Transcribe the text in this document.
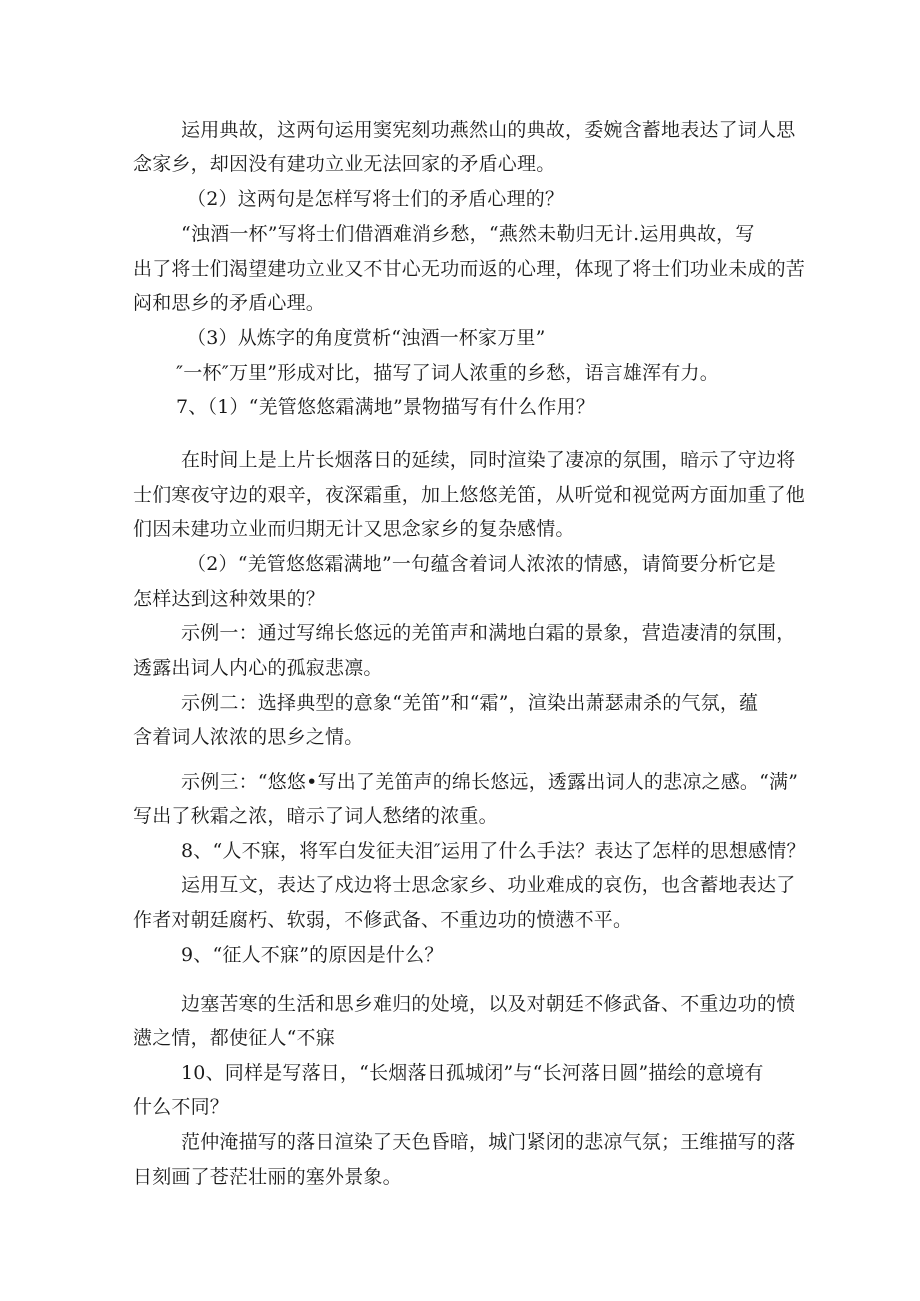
运用典故，这两句运用窦宪刻功燕然山的典故，委婉含蓄地表达了词人思
念家乡，却因没有建功立业无法回家的矛盾心理。
（2）这两句是怎样写将士们的矛盾心理的？
“浊酒一杯”写将士们借酒难消乡愁，“燕然未勒归无计.运用典故，写
出了将士们渴望建功立业又不甘心无功而返的心理，体现了将士们功业未成的苦
闷和思乡的矛盾心理。
（3）从炼字的角度赏析“浊酒一杯家万里”
″一杯″万里”形成对比，描写了词人浓重的乡愁，语言雄浑有力。
7、（1）“羌管悠悠霜满地”景物描写有什么作用？
在时间上是上片长烟落日的延续，同时渲染了凄凉的氛围，暗示了守边将
士们寒夜守边的艰辛，夜深霜重，加上悠悠羌笛，从听觉和视觉两方面加重了他
们因未建功立业而归期无计又思念家乡的复杂感情。
（2）“羌管悠悠霜满地”一句蕴含着词人浓浓的情感，请简要分析它是
怎样达到这种效果的？
示例一：通过写绵长悠远的羌笛声和满地白霜的景象，营造凄清的氛围，
透露出词人内心的孤寂悲凛。
示例二：选择典型的意象“羌笛”和“霜”，渲染出萧瑟肃杀的气氛，蕴
含着词人浓浓的思乡之情。
示例三：“悠悠•写出了羌笛声的绵长悠远，透露出词人的悲凉之感。“满”
写出了秋霜之浓，暗示了词人愁绪的浓重。
8、“人不寐，将军白发征夫泪″运用了什么手法？表达了怎样的思想感情？
运用互文，表达了戍边将士思念家乡、功业难成的哀伤，也含蓄地表达了
作者对朝廷腐朽、软弱，不修武备、不重边功的愤懑不平。
9、“征人不寐”的原因是什么？
边塞苦寒的生活和思乡难归的处境，以及对朝廷不修武备、不重边功的愤
懑之情，都使征人“不寐
10、同样是写落日，“长烟落日孤城闭”与“长河落日圆”描绘的意境有
什么不同？
范仲淹描写的落日渲染了天色昏暗，城门紧闭的悲凉气氛；王维描写的落
日刻画了苍茫壮丽的塞外景象。
